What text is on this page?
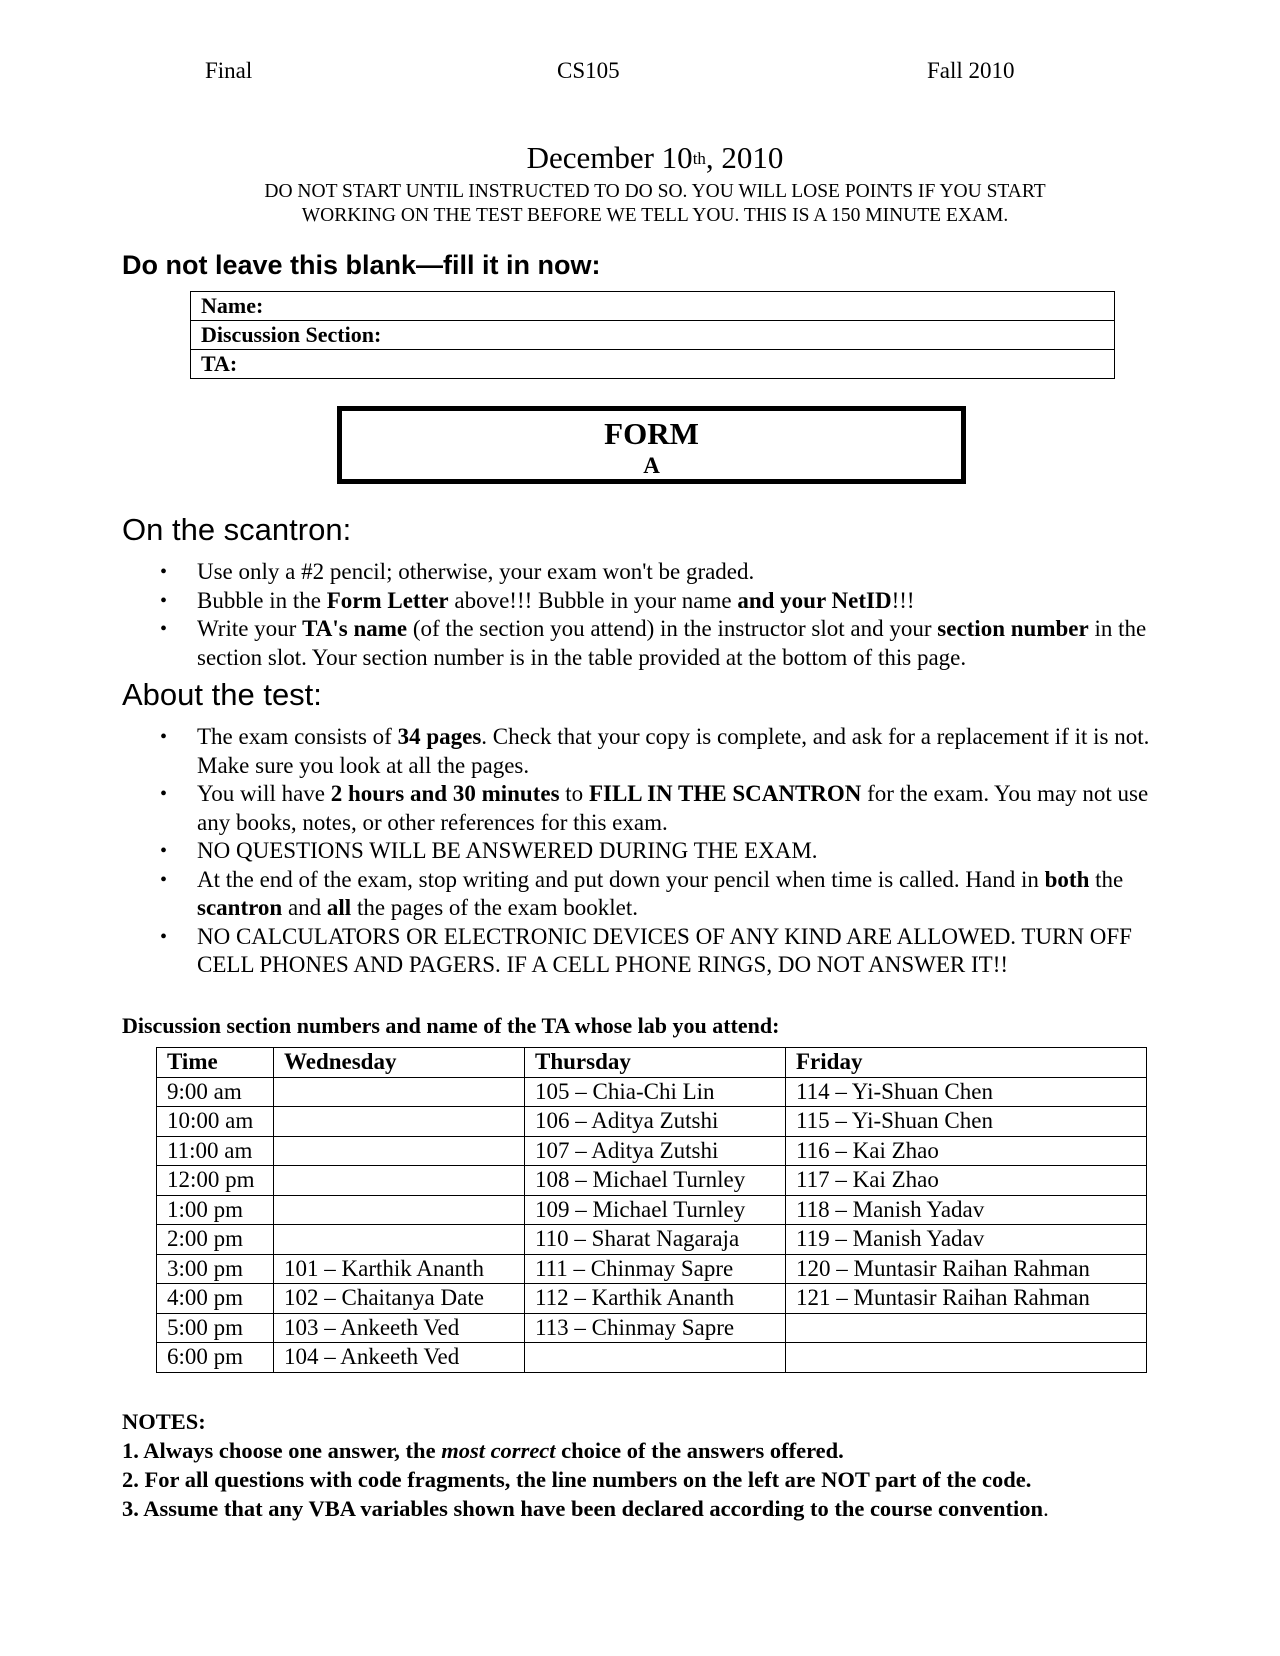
Final	CS105	Fall 2010
December 10th, 2010
DO NOT START UNTIL INSTRUCTED TO DO SO. YOU WILL LOSE POINTS IF YOU START
WORKING ON THE TEST BEFORE WE TELL YOU. THIS IS A 150 MINUTE EXAM.
Do not leave this blank—fill it in now:
Name:
Discussion Section:
TA:
FORM
A
On the scantron:
• Use only a #2 pencil; otherwise, your exam won't be graded.
• Bubble in the Form Letter above!!! Bubble in your name and your NetID!!!
• Write your TA's name (of the section you attend) in the instructor slot and your section number in the section slot. Your section number is in the table provided at the bottom of this page.
About the test:
• The exam consists of 34 pages. Check that your copy is complete, and ask for a replacement if it is not. Make sure you look at all the pages.
• You will have 2 hours and 30 minutes to FILL IN THE SCANTRON for the exam. You may not use any books, notes, or other references for this exam.
• NO QUESTIONS WILL BE ANSWERED DURING THE EXAM.
• At the end of the exam, stop writing and put down your pencil when time is called. Hand in both the scantron and all the pages of the exam booklet.
• NO CALCULATORS OR ELECTRONIC DEVICES OF ANY KIND ARE ALLOWED. TURN OFF CELL PHONES AND PAGERS. IF A CELL PHONE RINGS, DO NOT ANSWER IT!!
Discussion section numbers and name of the TA whose lab you attend:
Time	Wednesday	Thursday	Friday
9:00 am		105 – Chia-Chi Lin	114 – Yi-Shuan Chen
10:00 am		106 – Aditya Zutshi	115 – Yi-Shuan Chen
11:00 am		107 – Aditya Zutshi	116 – Kai Zhao
12:00 pm		108 – Michael Turnley	117 – Kai Zhao
1:00 pm		109 – Michael Turnley	118 – Manish Yadav
2:00 pm		110 – Sharat Nagaraja	119 – Manish Yadav
3:00 pm	101 – Karthik Ananth	111 – Chinmay Sapre	120 – Muntasir Raihan Rahman
4:00 pm	102 – Chaitanya Date	112 – Karthik Ananth	121 – Muntasir Raihan Rahman
5:00 pm	103 – Ankeeth Ved	113 – Chinmay Sapre	
6:00 pm	104 – Ankeeth Ved		

NOTES:

1. Always choose one answer, the most correct choice of the answers offered.

2. For all questions with code fragments, the line numbers on the left are NOT part of the code.

3. Assume that any VBA variables shown have been declared according to the course convention.
